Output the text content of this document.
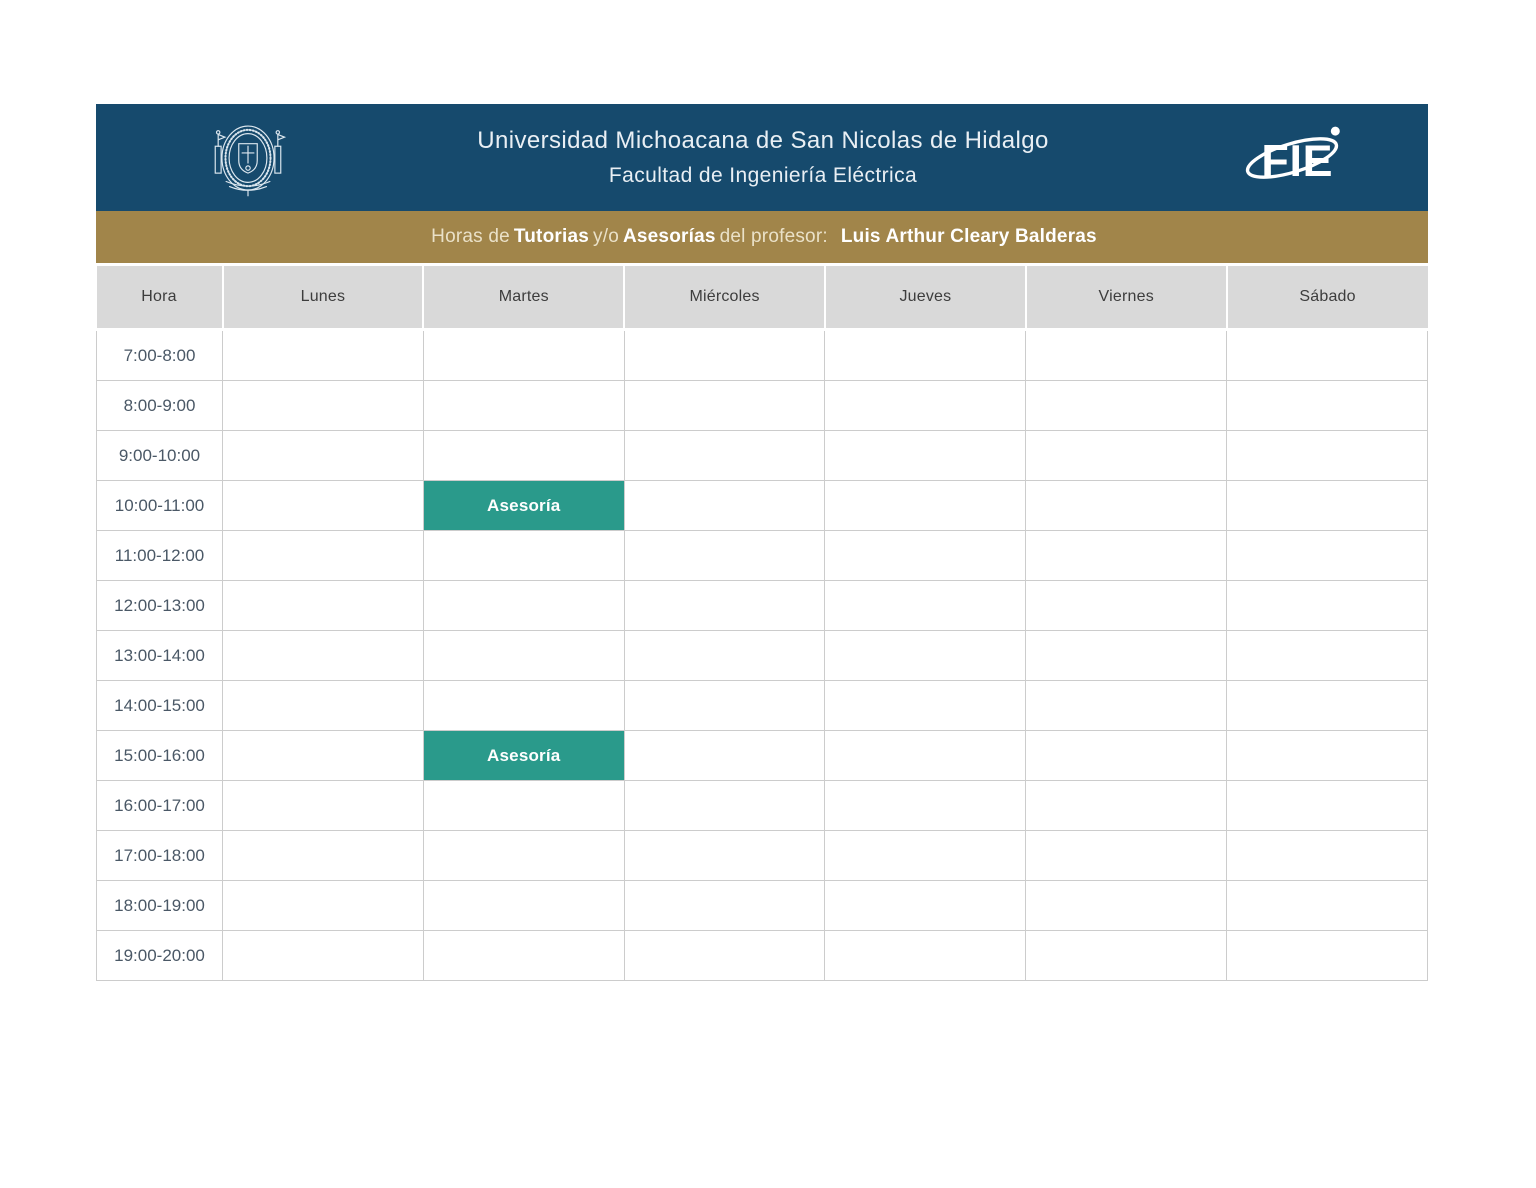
Universidad Michoacana de San Nicolas de Hidalgo
Facultad de Ingeniería Eléctrica	FIE
Horas de Tutorias y/o Asesorías del profesor: Luis Arthur Cleary Balderas
Hora	Lunes	Martes	Miércoles	Jueves	Viernes	Sábado
7:00-8:00						
8:00-9:00						
9:00-10:00						
10:00-11:00		Asesoría				
11:00-12:00						
12:00-13:00						
13:00-14:00						
14:00-15:00						
15:00-16:00		Asesoría				
16:00-17:00						
17:00-18:00						
18:00-19:00						
19:00-20:00						
